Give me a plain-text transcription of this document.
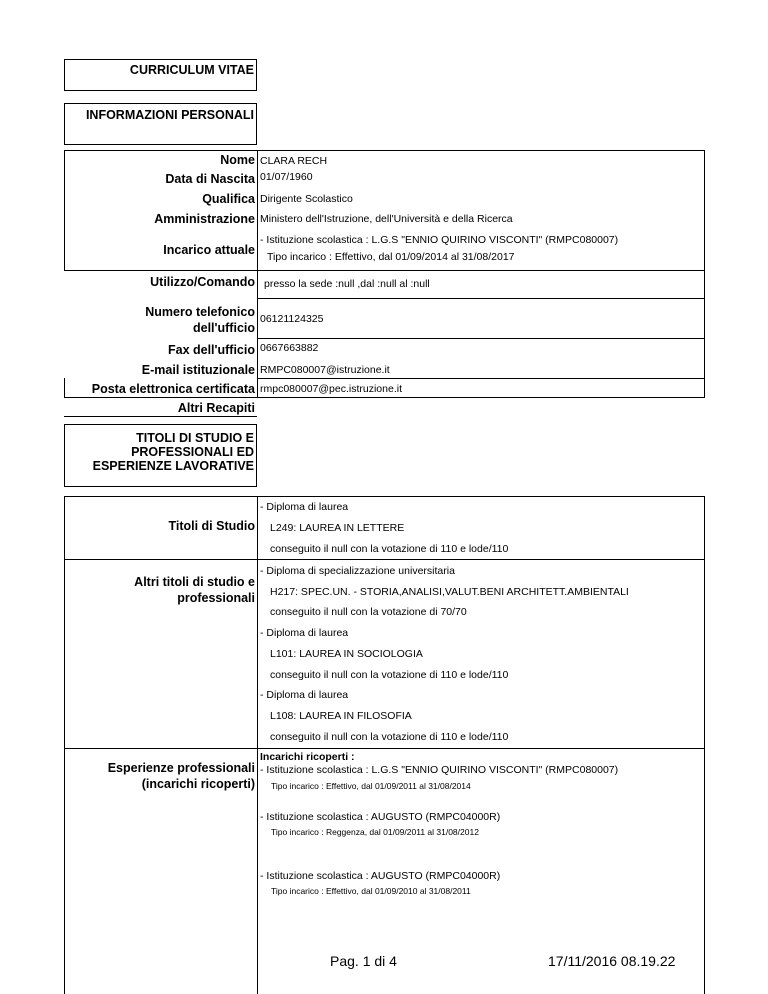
CURRICULUM VITAE
INFORMAZIONI PERSONALI
Nome CLARA RECH
Data di Nascita 01/07/1960
Qualifica Dirigente Scolastico
Amministrazione Ministero dell'Istruzione, dell'Università e della Ricerca
Incarico attuale
- Istituzione scolastica : L.G.S "ENNIO QUIRINO VISCONTI" (RMPC080007)
Tipo incarico : Effettivo, dal 01/09/2014 al 31/08/2017
Utilizzo/Comando presso la sede :null ,dal :null al :null
Numero telefonico
dell'ufficio
06121124325
Fax dell'ufficio 0667663882
E-mail istituzionale RMPC080007@istruzione.it
Posta elettronica certificata rmpc080007@pec.istruzione.it
Altri Recapiti
TITOLI DI STUDIO E
PROFESSIONALI ED
ESPERIENZE LAVORATIVE
Titoli di Studio
- Diploma di laurea
L249: LAUREA IN LETTERE
conseguito il null con la votazione di 110 e lode/110
Altri titoli di studio e
professionali
- Diploma di specializzazione universitaria
H217: SPEC.UN. - STORIA,ANALISI,VALUT.BENI ARCHITETT.AMBIENTALI
conseguito il null con la votazione di 70/70
- Diploma di laurea
L101: LAUREA IN SOCIOLOGIA
conseguito il null con la votazione di 110 e lode/110
- Diploma di laurea
L108: LAUREA IN FILOSOFIA
conseguito il null con la votazione di 110 e lode/110
Esperienze professionali
(incarichi ricoperti)
Incarichi ricoperti :
- Istituzione scolastica : L.G.S "ENNIO QUIRINO VISCONTI" (RMPC080007)
Tipo incarico : Effettivo, dal 01/09/2011 al 31/08/2014
- Istituzione scolastica : AUGUSTO (RMPC04000R)
Tipo incarico : Reggenza, dal 01/09/2011 al 31/08/2012
- Istituzione scolastica : AUGUSTO (RMPC04000R)
Tipo incarico : Effettivo, dal 01/09/2010 al 31/08/2011
Pag. 1 di 4	17/11/2016 08.19.22
